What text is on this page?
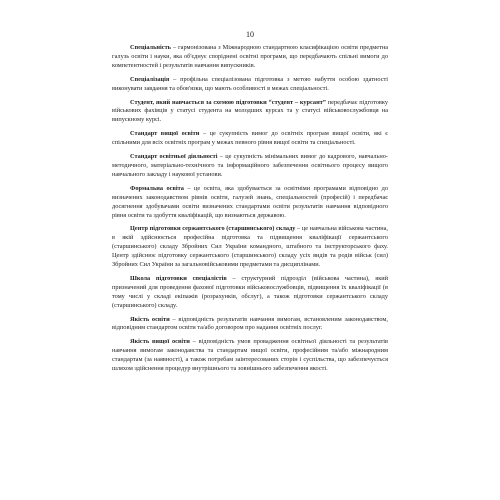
10

Спеціальність – гармонізована з Міжнародною стандартною класифікацією освіти предметна галузь освіти і науки, яка об'єднує споріднені освітні програми, що передбачають спільні вимоги до компетентностей і результатів навчання випускників.

Спеціалізація – профільна спеціалізована підготовка з метою набуття особою здатності виконувати завдання та обов'язки, що мають особливості в межах спеціальності.

Студент, який навчається за схемою підготовки “студент – курсант” передбачає підготовку військових фахівців у статусі студента на молодших курсах та у статусі військовослужбовця на випускному курсі.

Стандарт вищої освіти – це сукупність вимог до освітніх програм вищої освіти, які є спільними для всіх освітніх програм у межах певного рівня вищої освіти та спеціальності.

Стандарт освітньої діяльності – це сукупність мінімальних вимог до кадрового, навчально-методичного, матеріально-технічного та інформаційного забезпечення освітнього процесу вищого навчального закладу і наукової установи.

Формальна освіта – це освіта, яка здобувається за освітніми програмами відповідно до визначених законодавством рівнів освіти, галузей знань, спеціальностей (професій) і передбачає досягнення здобувачами освіти визначених стандартами освіти результатів навчання відповідного рівня освіти та здобуття кваліфікацій, що визнаються державою.

Центр підготовки сержантського (старшинського) складу – це навчальна військова частина, в якій здійснюється професійна підготовка та підвищення кваліфікації сержантського (старшинського) складу Збройних Сил України командного, штабного та інструкторського фаху. Центр здійснює підготовку сержантського (старшинського) складу усіх видів та родів військ (сил) Збройних Сил України за загальновійськовими предметами та дисциплінами.

Школа підготовки спеціалістів – структурний підрозділ (військова частина), який призначений для проведення фахової підготовки військовослужбовців, підвищення їх кваліфікації (в тому числі у складі екіпажів (розрахунків, обслуг), а також підготовки сержантського складу (старшинського) складу.

Якість освіти – відповідність результатів навчання вимогам, встановленим законодавством, відповідним стандартом освіти та/або договором про надання освітніх послуг.

Якість вищої освіти – відповідність умов провадження освітньої діяльності та результатів навчання вимогам законодавства та стандартам вищої освіти, професійним та/або міжнародним стандартам (за наявності), а також потребам заінтересованих сторін і суспільства, що забезпечується шляхом здійснення процедур внутрішнього та зовнішнього забезпечення якості.
